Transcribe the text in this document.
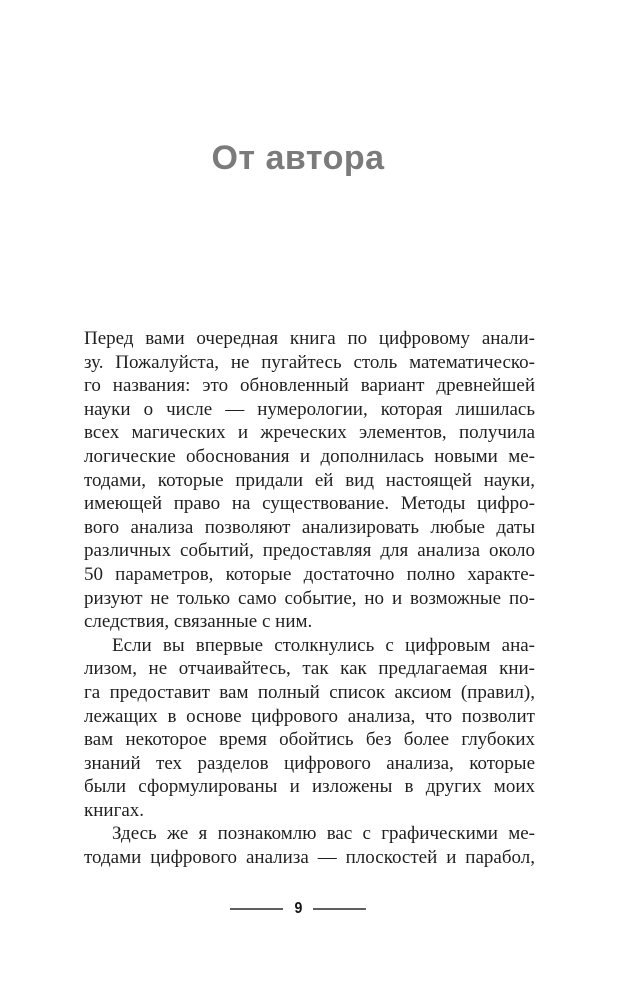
От автора
Перед вами очередная книга по цифровому анали-
зу. Пожалуйста, не пугайтесь столь математическо-
го названия: это обновленный вариант древнейшей
науки о числе — нумерологии, которая лишилась
всех магических и жреческих элементов, получила
логические обоснования и дополнилась новыми ме-
тодами, которые придали ей вид настоящей науки,
имеющей право на существование. Методы цифро-
вого анализа позволяют анализировать любые даты
различных событий, предоставляя для анализа около
50 параметров, которые достаточно полно характе-
ризуют не только само событие, но и возможные по-
следствия, связанные с ним.
Если вы впервые столкнулись с цифровым ана-
лизом, не отчаивайтесь, так как предлагаемая кни-
га предоставит вам полный список аксиом (правил),
лежащих в основе цифрового анализа, что позволит
вам некоторое время обойтись без более глубоких
знаний тех разделов цифрового анализа, которые
были сформулированы и изложены в других моих
книгах.
Здесь же я познакомлю вас с графическими ме-
тодами цифрового анализа — плоскостей и парабол,
9
